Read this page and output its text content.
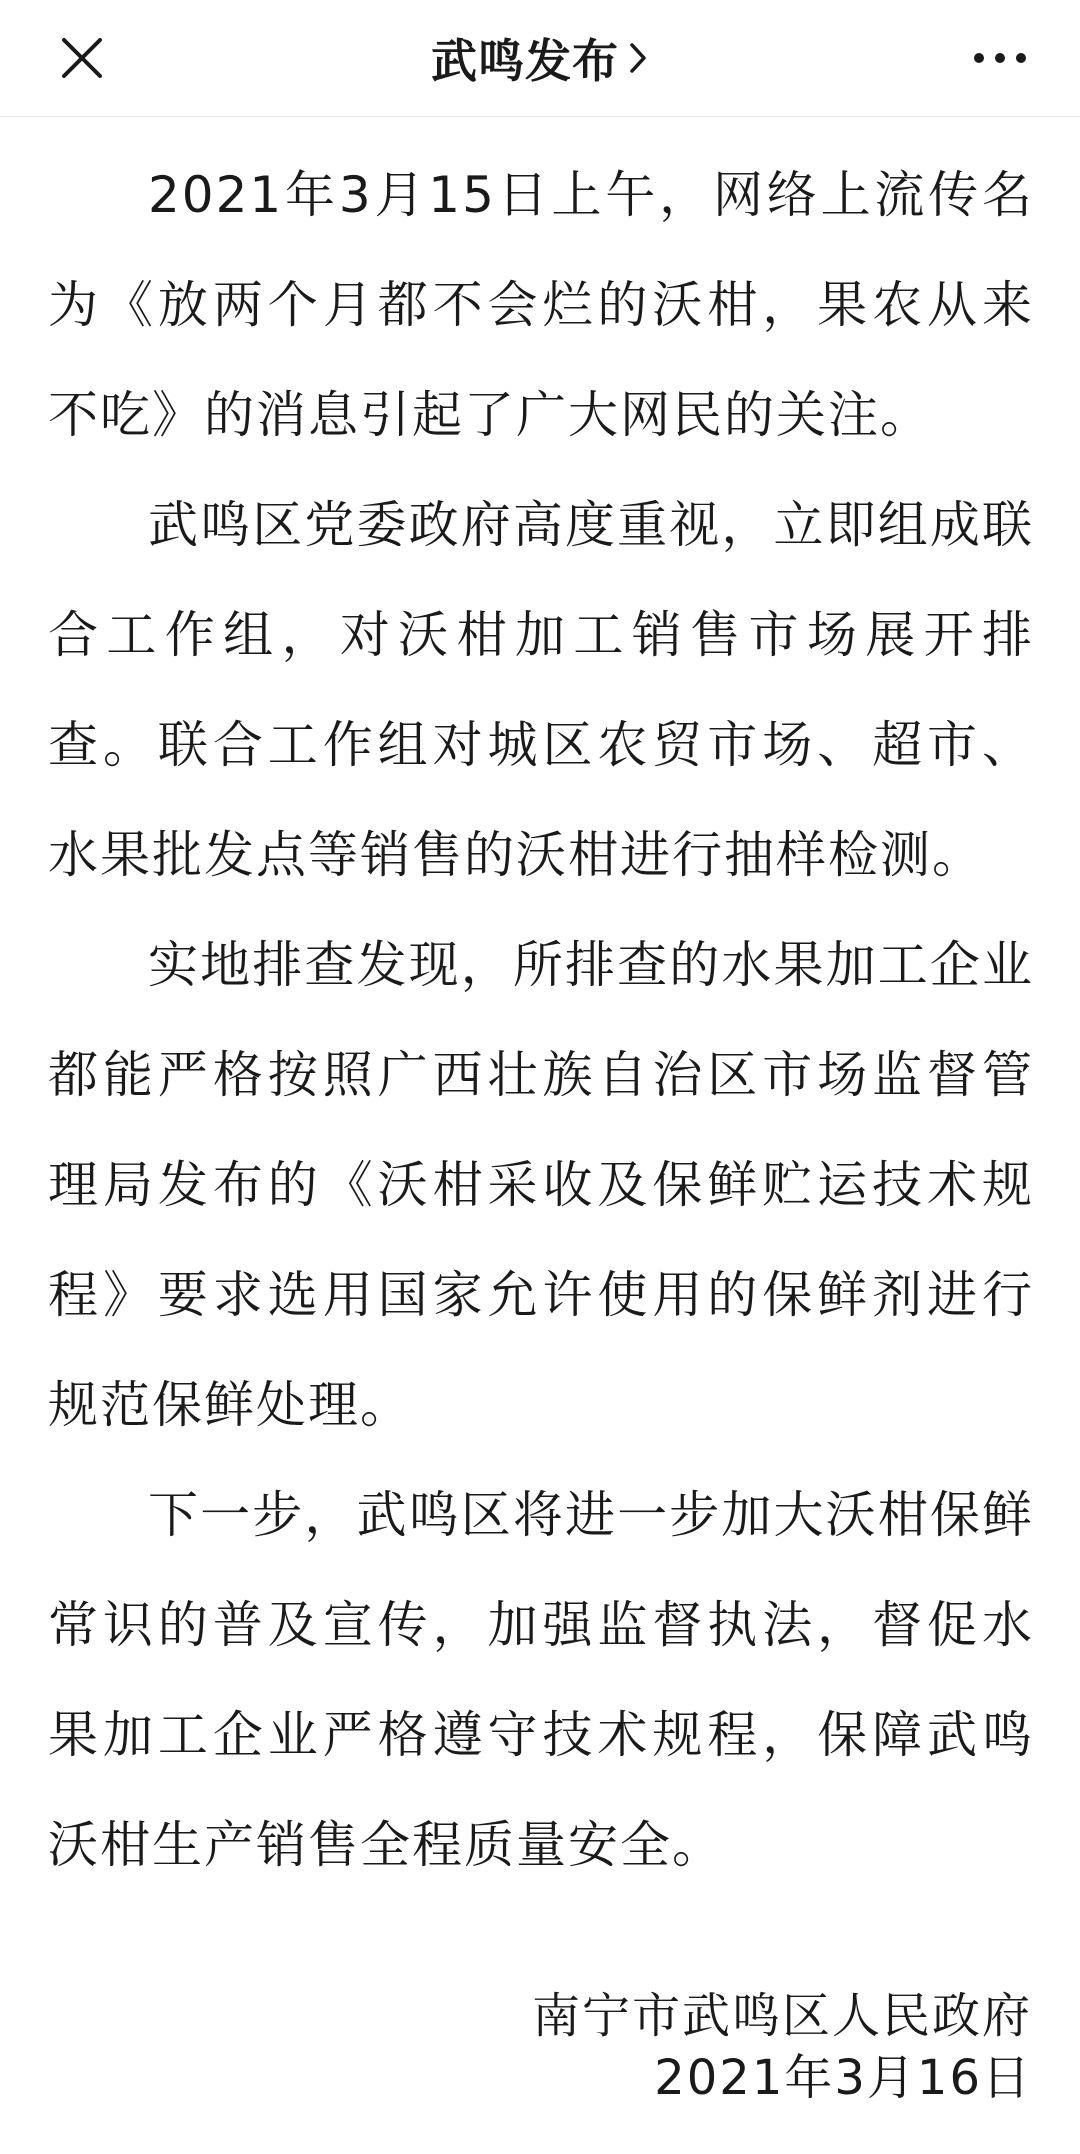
武鸣发布

2021年3月15日上午，网络上流传名为《放两个月都不会烂的沃柑，果农从来不吃》的消息引起了广大网民的关注。

武鸣区党委政府高度重视，立即组成联合工作组，对沃柑加工销售市场展开排查。联合工作组对城区农贸市场、超市、水果批发点等销售的沃柑进行抽样检测。

实地排查发现，所排查的水果加工企业都能严格按照广西壮族自治区市场监督管理局发布的《沃柑采收及保鲜贮运技术规程》要求选用国家允许使用的保鲜剂进行规范保鲜处理。

下一步，武鸣区将进一步加大沃柑保鲜常识的普及宣传，加强监督执法，督促水果加工企业严格遵守技术规程，保障武鸣沃柑生产销售全程质量安全。

南宁市武鸣区人民政府
2021年3月16日
